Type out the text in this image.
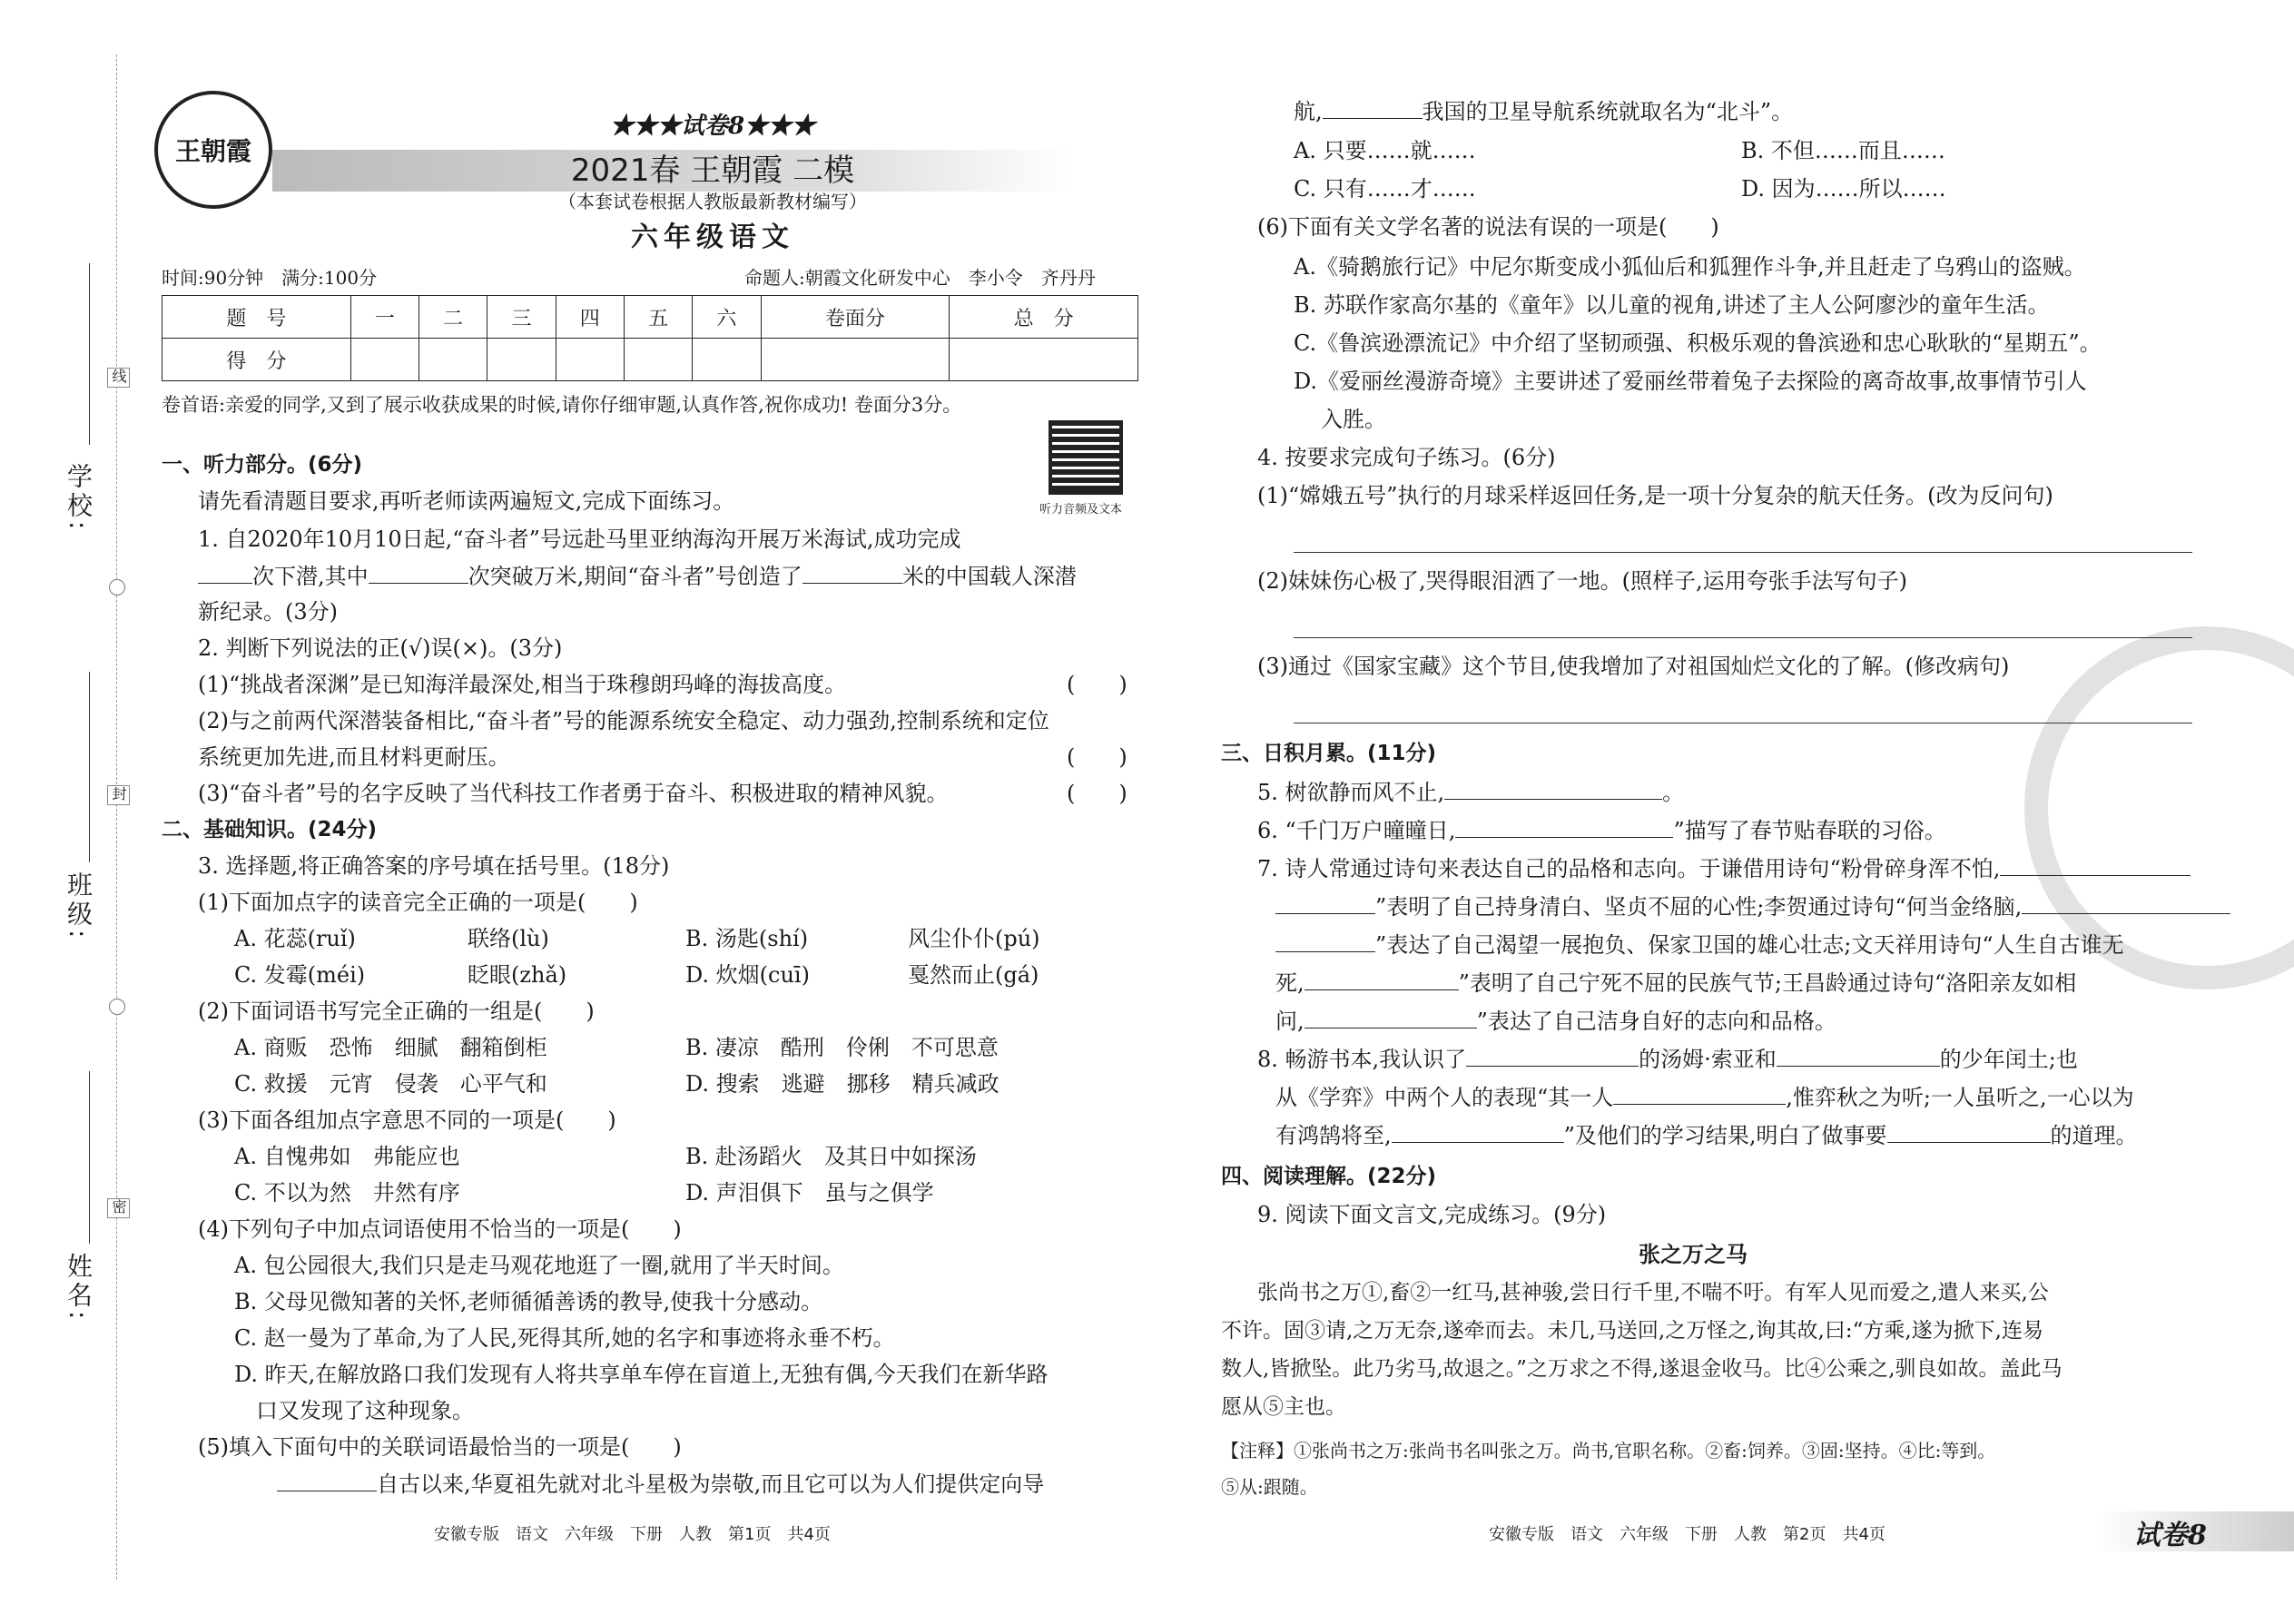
学校:
班级:
姓名:
线
封
密
王朝霞
★★★试卷8★★★
2021春 王朝霞 二模
（本套试卷根据人教版最新教材编写）
六年级语文
时间:90分钟　满分:100分	命题人:朝霞文化研发中心　李小令　齐丹丹
题　号	一	二	三	四	五	六	卷面分	总　分
得　分								
卷首语:亲爱的同学,又到了展示收获成果的时候,请你仔细审题,认真作答,祝你成功! 卷面分3分。
听力音频及文本
一、听力部分。(6分)
请先看清题目要求,再听老师读两遍短文,完成下面练习。
1. 自2020年10月10日起,“奋斗者”号远赴马里亚纳海沟开展万米海试,成功完成
次下潜,其中	次突破万米,期间“奋斗者”号创造了	米的中国载人深潜
新纪录。(3分)
2. 判断下列说法的正(√)误(×)。(3分)
(1)“挑战者深渊”是已知海洋最深处,相当于珠穆朗玛峰的海拔高度。	(　　)
(2)与之前两代深潜装备相比,“奋斗者”号的能源系统安全稳定、动力强劲,控制系统和定位
系统更加先进,而且材料更耐压。	(　　)
(3)“奋斗者”号的名字反映了当代科技工作者勇于奋斗、积极进取的精神风貌。	(　　)
二、基础知识。(24分)
3. 选择题,将正确答案的序号填在括号里。(18分)
(1)下面加点字的读音完全正确的一项是(　　)
A. 花蕊(ruǐ)	联络(lù)	B. 汤匙(shí)	风尘仆仆(pú)
C. 发霉(méi)	眨眼(zhǎ)	D. 炊烟(cuī)	戛然而止(gá)
(2)下面词语书写完全正确的一组是(　　)
A. 商贩　恐怖　细腻　翻箱倒柜	B. 凄凉　酷刑　伶俐　不可思意
C. 救援　元宵　侵袭　心平气和	D. 搜索　逃避　挪移　精兵减政
(3)下面各组加点字意思不同的一项是(　　)
A. 自愧弗如　弗能应也	B. 赴汤蹈火　及其日中如探汤
C. 不以为然　井然有序	D. 声泪俱下　虽与之俱学
(4)下列句子中加点词语使用不恰当的一项是(　　)
A. 包公园很大,我们只是走马观花地逛了一圈,就用了半天时间。
B. 父母见微知著的关怀,老师循循善诱的教导,使我十分感动。
C. 赵一曼为了革命,为了人民,死得其所,她的名字和事迹将永垂不朽。
D. 昨天,在解放路口我们发现有人将共享单车停在盲道上,无独有偶,今天我们在新华路
口又发现了这种现象。
(5)填入下面句中的关联词语最恰当的一项是(　　)
自古以来,华夏祖先就对北斗星极为崇敬,而且它可以为人们提供定向导
安徽专版　语文　六年级　下册　人教　第1页　共4页
航,	我国的卫星导航系统就取名为“北斗”。
A. 只要……就……	B. 不但……而且……
C. 只有……才……	D. 因为……所以……
(6)下面有关文学名著的说法有误的一项是(　　)
A.《骑鹅旅行记》中尼尔斯变成小狐仙后和狐狸作斗争,并且赶走了乌鸦山的盗贼。
B. 苏联作家高尔基的《童年》以儿童的视角,讲述了主人公阿廖沙的童年生活。
C.《鲁滨逊漂流记》中介绍了坚韧顽强、积极乐观的鲁滨逊和忠心耿耿的“星期五”。
D.《爱丽丝漫游奇境》主要讲述了爱丽丝带着兔子去探险的离奇故事,故事情节引人
入胜。
4. 按要求完成句子练习。(6分)
(1)“嫦娥五号”执行的月球采样返回任务,是一项十分复杂的航天任务。(改为反问句)
(2)妹妹伤心极了,哭得眼泪洒了一地。(照样子,运用夸张手法写句子)
(3)通过《国家宝藏》这个节目,使我增加了对祖国灿烂文化的了解。(修改病句)
三、日积月累。(11分)
5. 树欲静而风不止,	。
6. “千门万户曈曈日,	”描写了春节贴春联的习俗。
7. 诗人常通过诗句来表达自己的品格和志向。于谦借用诗句“粉骨碎身浑不怕,
”表明了自己持身清白、坚贞不屈的心性;李贺通过诗句“何当金络脑,
”表达了自己渴望一展抱负、保家卫国的雄心壮志;文天祥用诗句“人生自古谁无
死,	”表明了自己宁死不屈的民族气节;王昌龄通过诗句“洛阳亲友如相
问,	”表达了自己洁身自好的志向和品格。
8. 畅游书本,我认识了	的汤姆·索亚和	的少年闰土;也
从《学弈》中两个人的表现“其一人	,惟弈秋之为听;一人虽听之,一心以为
有鸿鹄将至,	”及他们的学习结果,明白了做事要	的道理。
四、阅读理解。(22分)
9. 阅读下面文言文,完成练习。(9分)
张之万之马
张尚书之万①,畜②一红马,甚神骏,尝日行千里,不喘不吁。有军人见而爱之,遣人来买,公
不许。固③请,之万无奈,遂牵而去。未几,马送回,之万怪之,询其故,曰:“方乘,遂为掀下,连易
数人,皆掀坠。此乃劣马,故退之。”之万求之不得,遂退金收马。比④公乘之,驯良如故。盖此马
愿从⑤主也。
【注释】①张尚书之万:张尚书名叫张之万。尚书,官职名称。②畜:饲养。③固:坚持。④比:等到。
⑤从:跟随。
安徽专版　语文　六年级　下册　人教　第2页　共4页	试卷8
